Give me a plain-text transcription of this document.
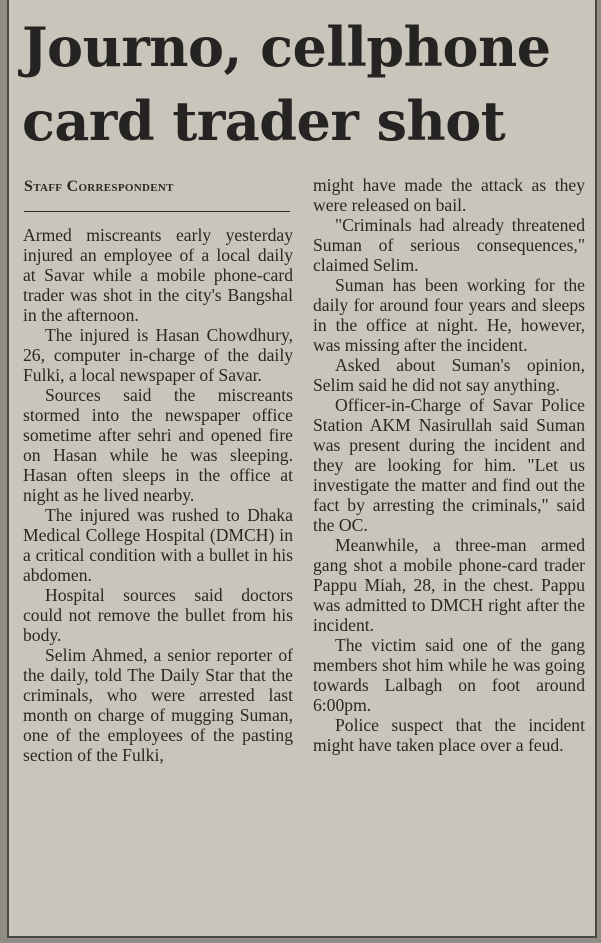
Journo, cellphone card trader shot
Staff Correspondent

Armed miscreants early yesterday injured an employee of a local daily at Savar while a mobile phone-card trader was shot in the city's Bangshal in the afternoon.

The injured is Hasan Chowdhury, 26, computer in-charge of the daily Fulki, a local newspaper of Savar.

Sources said the miscreants stormed into the newspaper office sometime after sehri and opened fire on Hasan while he was sleeping. Hasan often sleeps in the office at night as he lived nearby.

The injured was rushed to Dhaka Medical College Hospital (DMCH) in a critical condition with a bullet in his abdomen.

Hospital sources said doctors could not remove the bullet from his body.

Selim Ahmed, a senior reporter of the daily, told The Daily Star that the criminals, who were arrested last month on charge of mugging Suman, one of the employees of the pasting section of the Fulki,

might have made the attack as they were released on bail.

"Criminals had already threatened Suman of serious consequences," claimed Selim.

Suman has been working for the daily for around four years and sleeps in the office at night. He, however, was missing after the incident.

Asked about Suman's opinion, Selim said he did not say anything.

Officer-in-Charge of Savar Police Station AKM Nasirullah said Suman was present during the incident and they are looking for him. "Let us investigate the matter and find out the fact by arresting the criminals," said the OC.

Meanwhile, a three-man armed gang shot a mobile phone-card trader Pappu Miah, 28, in the chest. Pappu was admitted to DMCH right after the incident.

The victim said one of the gang members shot him while he was going towards Lalbagh on foot around 6:00pm.

Police suspect that the incident might have taken place over a feud.
